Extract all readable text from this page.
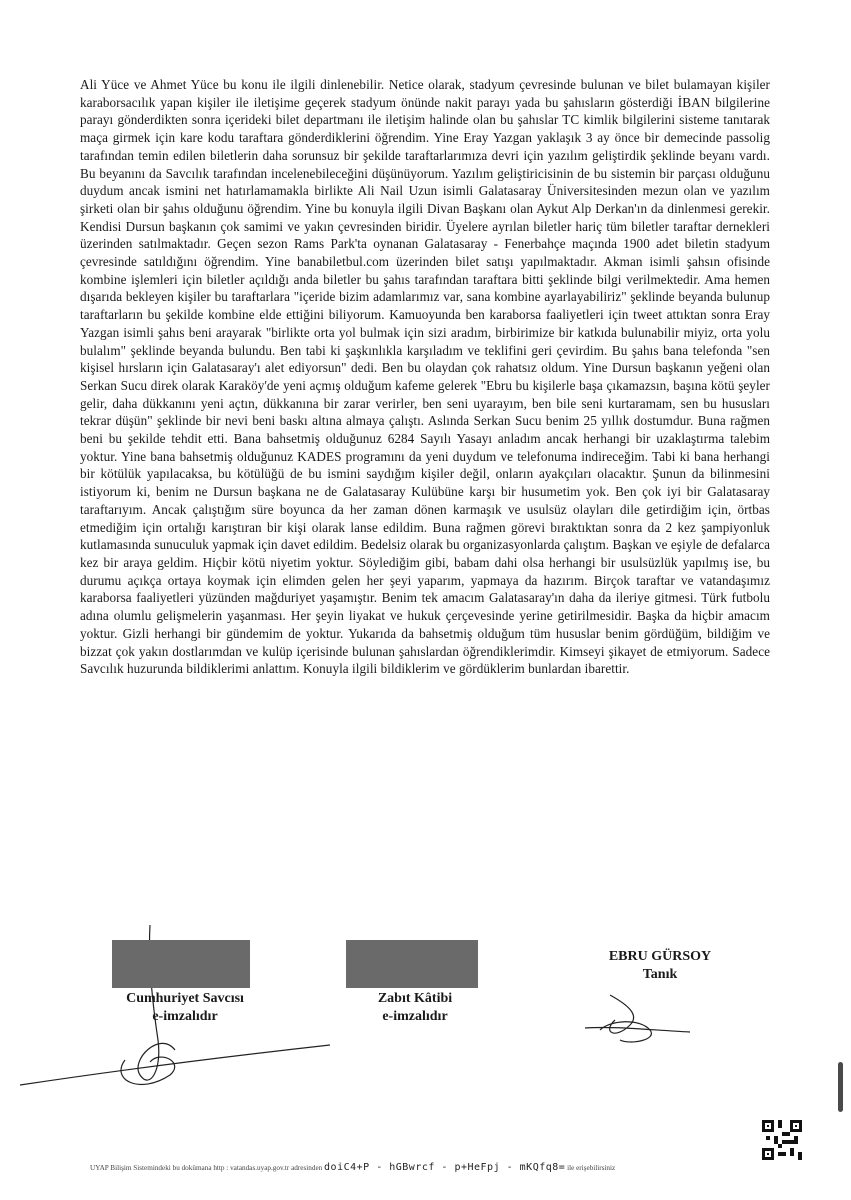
Ali Yüce ve Ahmet Yüce bu konu ile ilgili dinlenebilir. Netice olarak, stadyum çevresinde bulunan ve bilet bulamayan kişiler karaborsacılık yapan kişiler ile iletişime geçerek stadyum önünde nakit parayı yada bu şahısların gösterdiği İBAN bilgilerine parayı gönderdikten sonra içerideki bilet departmanı ile iletişim halinde olan bu şahıslar TC kimlik bilgilerini sisteme tanıtarak maça girmek için kare kodu taraftara gönderdiklerini öğrendim. Yine Eray Yazgan yaklaşık 3 ay önce bir demecinde passolig tarafından temin edilen biletlerin daha sorunsuz bir şekilde taraftarlarımıza devri için yazılım geliştirdik şeklinde beyanı vardı. Bu beyanını da Savcılık tarafından incelenebileceğini düşünüyorum. Yazılım geliştiricisinin de bu sistemin bir parçası olduğunu duydum ancak ismini net hatırlamamakla birlikte Ali Nail Uzun isimli Galatasaray Üniversitesinden mezun olan ve yazılım şirketi olan bir şahıs olduğunu öğrendim. Yine bu konuyla ilgili Divan Başkanı olan Aykut Alp Derkan'ın da dinlenmesi gerekir. Kendisi Dursun başkanın çok samimi ve yakın çevresinden biridir. Üyelere ayrılan biletler hariç tüm biletler taraftar dernekleri üzerinden satılmaktadır. Geçen sezon Rams Park'ta oynanan Galatasaray - Fenerbahçe maçında 1900 adet biletin stadyum çevresinde satıldığını öğrendim. Yine banabiletbul.com üzerinden bilet satışı yapılmaktadır. Akman isimli şahsın ofisinde kombine işlemleri için biletler açıldığı anda biletler bu şahıs tarafından taraftara bitti şeklinde bilgi verilmektedir. Ama hemen dışarıda bekleyen kişiler bu taraftarlara "içeride bizim adamlarımız var, sana kombine ayarlayabiliriz" şeklinde beyanda bulunup taraftarların bu şekilde kombine elde ettiğini biliyorum. Kamuoyunda ben karaborsa faaliyetleri için tweet attıktan sonra Eray Yazgan isimli şahıs beni arayarak "birlikte orta yol bulmak için sizi aradım, birbirimize bir katkıda bulunabilir miyiz, orta yolu bulalım" şeklinde beyanda bulundu. Ben tabi ki şaşkınlıkla karşıladım ve teklifini geri çevirdim. Bu şahıs bana telefonda "sen kişisel hırsların için Galatasaray'ı alet ediyorsun" dedi. Ben bu olaydan çok rahatsız oldum. Yine Dursun başkanın yeğeni olan Serkan Sucu direk olarak Karaköy'de yeni açmış olduğum kafeme gelerek "Ebru bu kişilerle başa çıkamazsın, başına kötü şeyler gelir, daha dükkanını yeni açtın, dükkanına bir zarar verirler, ben seni uyarayım, ben bile seni kurtaramam, sen bu hususları tekrar düşün" şeklinde bir nevi beni baskı altına almaya çalıştı. Aslında Serkan Sucu benim 25 yıllık dostumdur. Buna rağmen beni bu şekilde tehdit etti. Bana bahsetmiş olduğunuz 6284 Sayılı Yasayı anladım ancak herhangi bir uzaklaştırma talebim yoktur. Yine bana bahsetmiş olduğunuz KADES programını da yeni duydum ve telefonuma indireceğim. Tabi ki bana herhangi bir kötülük yapılacaksa, bu kötülüğü de bu ismini saydığım kişiler değil, onların ayakçıları olacaktır. Şunun da bilinmesini istiyorum ki, benim ne Dursun başkana ne de Galatasaray Kulübüne karşı bir husumetim yok. Ben çok iyi bir Galatasaray taraftarıyım. Ancak çalıştığım süre boyunca da her zaman dönen karmaşık ve usulsüz olayları dile getirdiğim için, örtbas etmediğim için ortalığı karıştıran bir kişi olarak lanse edildim. Buna rağmen görevi bıraktıktan sonra da 2 kez şampiyonluk kutlamasında sunuculuk yapmak için davet edildim. Bedelsiz olarak bu organizasyonlarda çalıştım. Başkan ve eşiyle de defalarca kez bir araya geldim. Hiçbir kötü niyetim yoktur. Söylediğim gibi, babam dahi olsa herhangi bir usulsüzlük yapılmış ise, bu durumu açıkça ortaya koymak için elimden gelen her şeyi yaparım, yapmaya da hazırım. Birçok taraftar ve vatandaşımız karaborsa faaliyetleri yüzünden mağduriyet yaşamıştır. Benim tek amacım Galatasaray'ın daha da ileriye gitmesi. Türk futbolu adına olumlu gelişmelerin yaşanması. Her şeyin liyakat ve hukuk çerçevesinde yerine getirilmesidir. Başka da hiçbir amacım yoktur. Gizli herhangi bir gündemim de yoktur. Yukarıda da bahsetmiş olduğum tüm hususlar benim gördüğüm, bildiğim ve bizzat çok yakın dostlarımdan ve kulüp içerisinde bulunan şahıslardan öğrendiklerimdir. Kimseyi şikayet de etmiyorum. Sadece Savcılık huzurunda bildiklerimi anlattım. Konuyla ilgili bildiklerim ve gördüklerim bunlardan ibarettir.

Cumhuriyet Savcısı
e-imzalıdır
Zabıt Kâtibi
e-imzalıdır
EBRU GÜRSOY
Tanık
UYAP Bilişim Sistemindeki bu dokümana http : vatandas.uyap.gov.tr adresinden doiC4+P - hGBwrcf - p+HeFpj - mKQfq8= ile erişebilirsiniz
